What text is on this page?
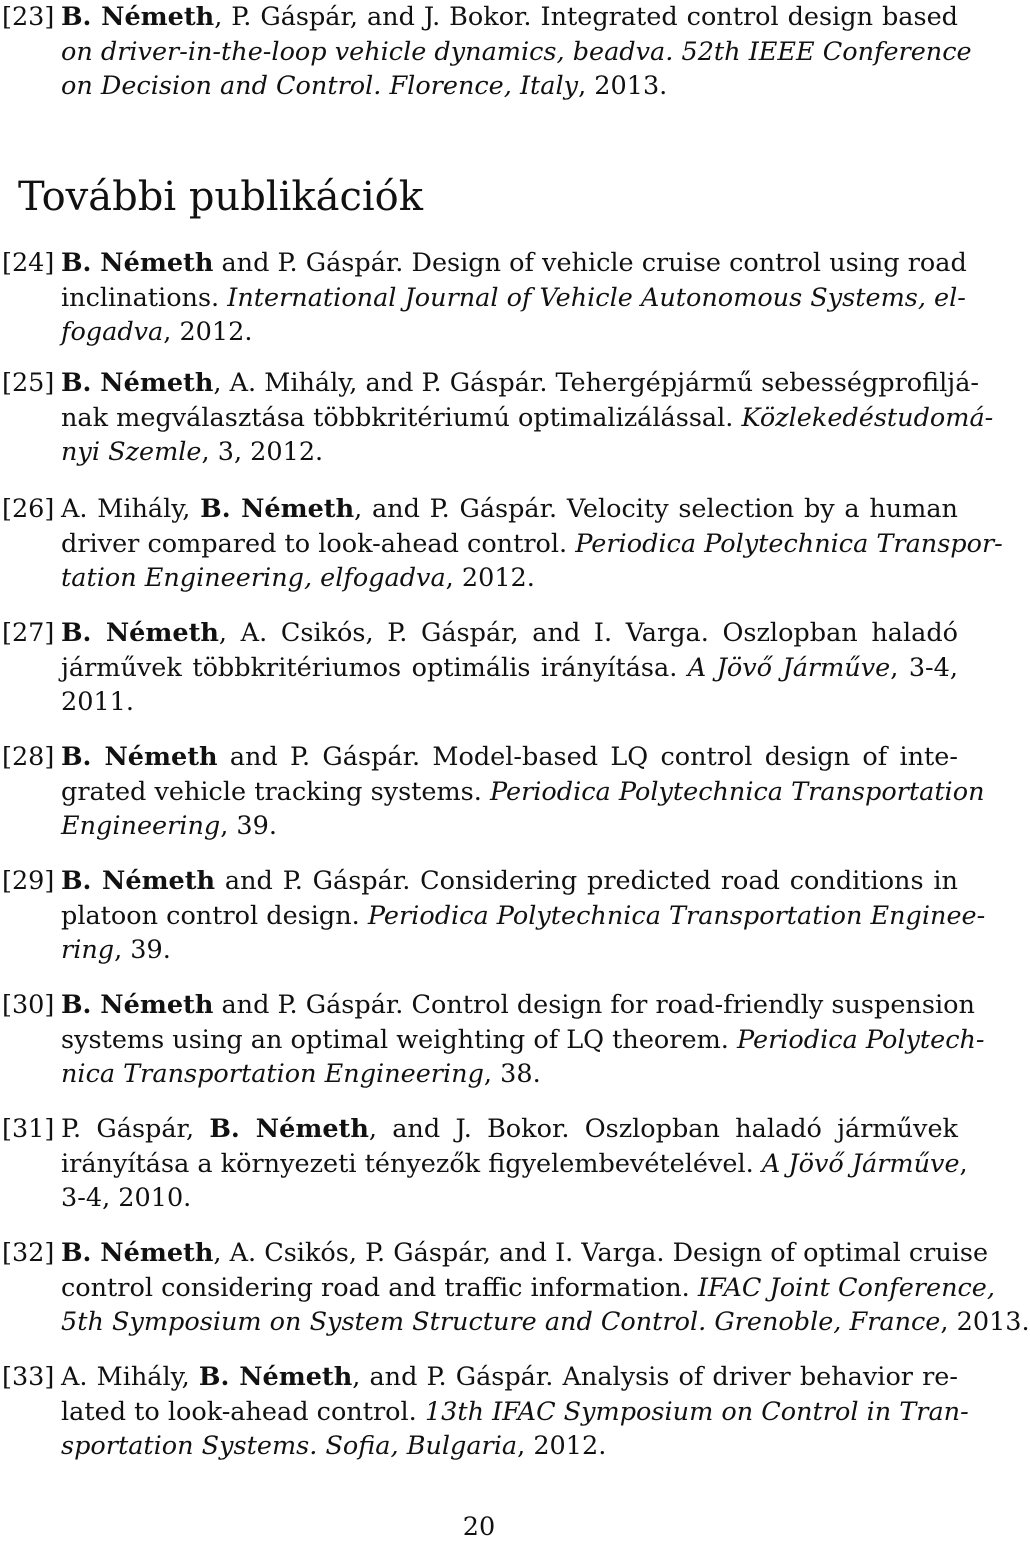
További publikációk
[23] B. Németh, P. Gáspár, and J. Bokor. Integrated control design based
on driver-in-the-loop vehicle dynamics, beadva. 52th IEEE Conference
on Decision and Control. Florence, Italy, 2013.
[24] B. Németh and P. Gáspár. Design of vehicle cruise control using road
inclinations. International Journal of Vehicle Autonomous Systems, el-
fogadva, 2012.
[25] B. Németh, A. Mihály, and P. Gáspár. Tehergépjármű sebességprofiljá-
nak megválasztása többkritériumú optimalizálással. Közlekedéstudomá-
nyi Szemle, 3, 2012.
[26] A. Mihály, B. Németh, and P. Gáspár. Velocity selection by a human
driver compared to look-ahead control. Periodica Polytechnica Transpor-
tation Engineering, elfogadva, 2012.
[27] B. Németh, A. Csikós, P. Gáspár, and I. Varga. Oszlopban haladó
járművek többkritériumos optimális irányítása. A Jövő Járműve, 3-4,
2011.
[28] B. Németh and P. Gáspár. Model-based LQ control design of inte-
grated vehicle tracking systems. Periodica Polytechnica Transportation
Engineering, 39.
[29] B. Németh and P. Gáspár. Considering predicted road conditions in
platoon control design. Periodica Polytechnica Transportation Enginee-
ring, 39.
[30] B. Németh and P. Gáspár. Control design for road-friendly suspension
systems using an optimal weighting of LQ theorem. Periodica Polytech-
nica Transportation Engineering, 38.
[31] P. Gáspár, B. Németh, and J. Bokor. Oszlopban haladó járművek
irányítása a környezeti tényezők figyelembevételével. A Jövő Járműve,
3-4, 2010.
[32] B. Németh, A. Csikós, P. Gáspár, and I. Varga. Design of optimal cruise
control considering road and traffic information. IFAC Joint Conference,
5th Symposium on System Structure and Control. Grenoble, France, 2013.
[33] A. Mihály, B. Németh, and P. Gáspár. Analysis of driver behavior re-
lated to look-ahead control. 13th IFAC Symposium on Control in Tran-
sportation Systems. Sofia, Bulgaria, 2012.
20
